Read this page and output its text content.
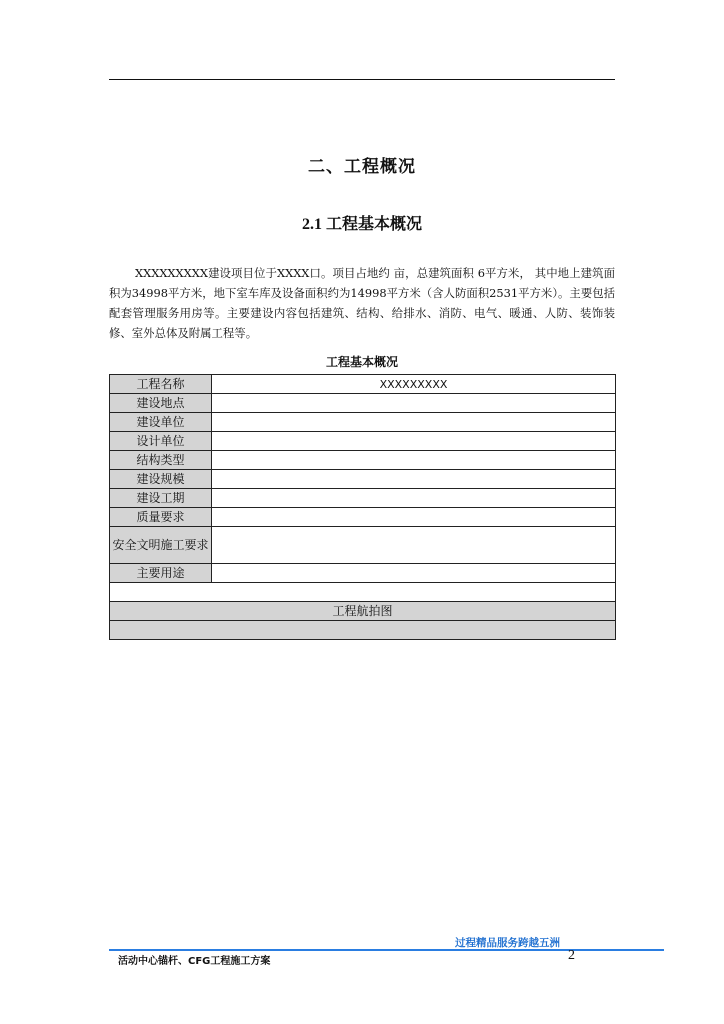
二、工程概况
2.1 工程基本概况
XXXXXXXXX建设项目位于XXXX口。项目占地约 亩，总建筑面积 6平方米， 其中地上建筑面积为34998平方米，地下室车库及设备面积约为14998平方米（含人防面积2531平方米）。主要包括 配套管理服务用房等。主要建设内容包括建筑、结构、给排水、消防、电气、暖通、人防、装饰装修、室外总体及附属工程等。
工程基本概况
工程名称	XXXXXXXXX
建设地点	
建设单位	
设计单位	
结构类型	
建设规模	
建设工期	
质量要求	
安全文明施工要求	
主要用途	

工程航拍图	

过程精品服务跨越五洲
活动中心锚杆、CFG工程施工方案	2
